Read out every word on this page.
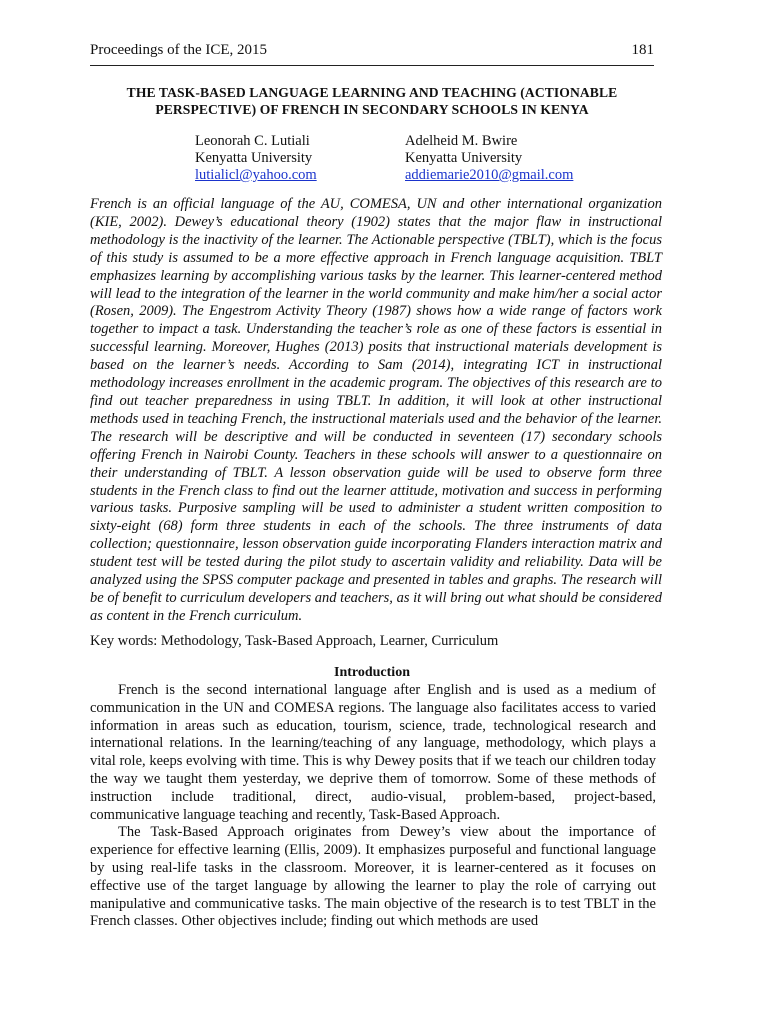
Proceedings of the ICE, 2015	181
THE TASK-BASED LANGUAGE LEARNING AND TEACHING (ACTIONABLE PERSPECTIVE) OF FRENCH IN SECONDARY SCHOOLS IN KENYA
Leonorah C. Lutiali
Kenyatta University
lutialicl@yahoo.com
Adelheid M. Bwire
Kenyatta University
addiemarie2010@gmail.com
French is an official language of the AU, COMESA, UN and other international organization (KIE, 2002). Dewey’s educational theory (1902) states that the major flaw in instructional methodology is the inactivity of the learner. The Actionable perspective (TBLT), which is the focus of this study is assumed to be a more effective approach in French language acquisition. TBLT emphasizes learning by accomplishing various tasks by the learner. This learner-centered method will lead to the integration of the learner in the world community and make him/her a social actor (Rosen, 2009). The Engestrom Activity Theory (1987) shows how a wide range of factors work together to impact a task. Understanding the teacher’s role as one of these factors is essential in successful learning. Moreover, Hughes (2013) posits that instructional materials development is based on the learner’s needs. According to Sam (2014), integrating ICT in instructional methodology increases enrollment in the academic program. The objectives of this research are to find out teacher preparedness in using TBLT. In addition, it will look at other instructional methods used in teaching French, the instructional materials used and the behavior of the learner. The research will be descriptive and will be conducted in seventeen (17) secondary schools offering French in Nairobi County. Teachers in these schools will answer to a questionnaire on their understanding of TBLT. A lesson observation guide will be used to observe form three students in the French class to find out the learner attitude, motivation and success in performing various tasks. Purposive sampling will be used to administer a student written composition to sixty-eight (68) form three students in each of the schools. The three instruments of data collection; questionnaire, lesson observation guide incorporating Flanders interaction matrix and student test will be tested during the pilot study to ascertain validity and reliability. Data will be analyzed using the SPSS computer package and presented in tables and graphs. The research will be of benefit to curriculum developers and teachers, as it will bring out what should be considered as content in the French curriculum.
Key words: Methodology, Task-Based Approach, Learner, Curriculum
Introduction

French is the second international language after English and is used as a medium of communication in the UN and COMESA regions. The language also facilitates access to varied information in areas such as education, tourism, science, trade, technological research and international relations. In the learning/teaching of any language, methodology, which plays a vital role, keeps evolving with time. This is why Dewey posits that if we teach our children today the way we taught them yesterday, we deprive them of tomorrow. Some of these methods of instruction include traditional, direct, audio-visual, problem-based, project-based, communicative language teaching and recently, Task-Based Approach.

The Task-Based Approach originates from Dewey’s view about the importance of experience for effective learning (Ellis, 2009). It emphasizes purposeful and functional language by using real-life tasks in the classroom. Moreover, it is learner-centered as it focuses on effective use of the target language by allowing the learner to play the role of carrying out manipulative and communicative tasks. The main objective of the research is to test TBLT in the French classes. Other objectives include; finding out which methods are used
